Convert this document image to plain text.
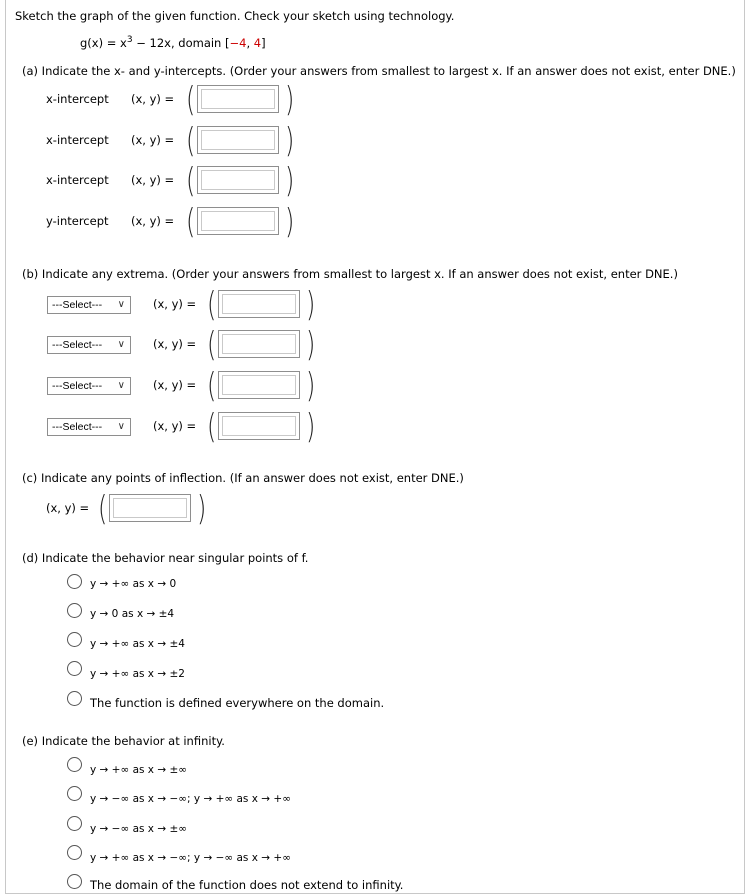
Sketch the graph of the given function. Check your sketch using technology.
$g(x) = x^3 - 12x$, domain [−4, 4]
(a) Indicate the x- and y-intercepts. (Order your answers from smallest to largest x. If an answer does not exist, enter DNE.)
x-intercept (x, y) = (	)
x-intercept (x, y) = (	)
x-intercept (x, y) = (	)
y-intercept (x, y) = (	)
(b) Indicate any extrema. (Order your answers from smallest to largest x. If an answer does not exist, enter DNE.)
---Select--- ∨ (x, y) = (	)
---Select--- ∨ (x, y) = (	)
---Select--- ∨ (x, y) = (	)
---Select--- ∨ (x, y) = (	)
(c) Indicate any points of inflection. (If an answer does not exist, enter DNE.)
(x, y) = (	)
(d) Indicate the behavior near singular points of f.
y → +∞ as x → 0
y → 0 as x → ±4
y → +∞ as x → ±4
y → +∞ as x → ±2
The function is defined everywhere on the domain.
(e) Indicate the behavior at infinity.
y → +∞ as x → ±∞
y → −∞ as x → −∞; y → +∞ as x → +∞
y → −∞ as x → ±∞
y → +∞ as x → −∞; y → −∞ as x → +∞
The domain of the function does not extend to infinity.
